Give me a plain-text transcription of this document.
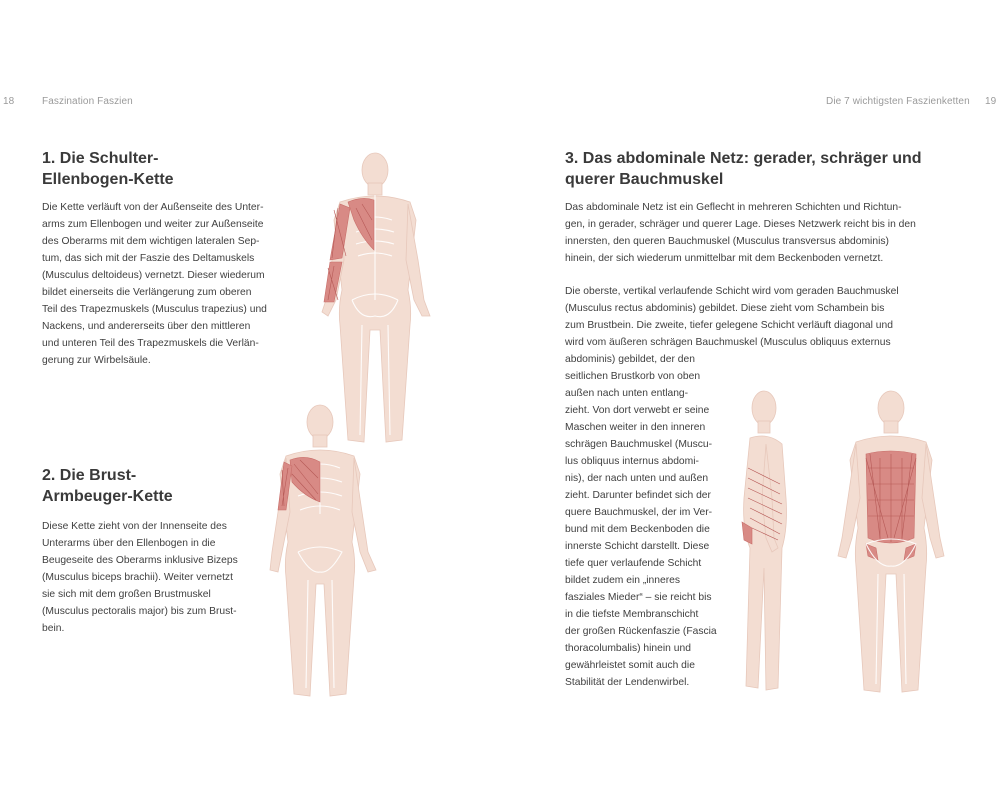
18	Faszination Faszien	Die 7 wichtigsten Faszienketten 19
1. Die Schulter-
Ellenbogen-Kette
Die Kette verläuft von der Außenseite des Unter-
arms zum Ellenbogen und weiter zur Außenseite
des Oberarms mit dem wichtigen lateralen Sep-
tum, das sich mit der Faszie des Deltamuskels
(Musculus deltoideus) vernetzt. Dieser wiederum
bildet einerseits die Verlängerung zum oberen
Teil des Trapezmuskels (Musculus trapezius) und
Nackens, und andererseits über den mittleren
und unteren Teil des Trapezmuskels die Verlän-
gerung zur Wirbelsäule.
2. Die Brust-
Armbeuger-Kette
Diese Kette zieht von der Innenseite des
Unterarms über den Ellenbogen in die
Beugeseite des Oberarms inklusive Bizeps
(Musculus biceps brachii). Weiter vernetzt
sie sich mit dem großen Brustmuskel
(Musculus pectoralis major) bis zum Brust-
bein.
3. Das abdominale Netz: gerader, schräger und
querer Bauchmuskel

Das abdominale Netz ist ein Geflecht in mehreren Schichten und Richtun-
gen, in gerader, schräger und querer Lage. Dieses Netzwerk reicht bis in den
innersten, den queren Bauchmuskel (Musculus transversus abdominis)
hinein, der sich wiederum unmittelbar mit dem Beckenboden vernetzt.

Die oberste, vertikal verlaufende Schicht wird vom geraden Bauchmuskel
(Musculus rectus abdominis) gebildet. Diese zieht vom Schambein bis
zum Brustbein. Die zweite, tiefer gelegene Schicht verläuft diagonal und
wird vom äußeren schrägen Bauchmuskel (Musculus obliquus externus
abdominis) gebildet, der den
seitlichen Brustkorb von oben
außen nach unten entlang-
zieht. Von dort verwebt er seine
Maschen weiter in den inneren
schrägen Bauchmuskel (Muscu-
lus obliquus internus abdomi-
nis), der nach unten und außen
zieht. Darunter befindet sich der
quere Bauchmuskel, der im Ver-
bund mit dem Beckenboden die
innerste Schicht darstellt. Diese
tiefe quer verlaufende Schicht
bildet zudem ein „inneres
fasziales Mieder“ – sie reicht bis
in die tiefste Membranschicht
der großen Rückenfaszie (Fascia
thoracolumbalis) hinein und
gewährleistet somit auch die
Stabilität der Lendenwirbel.
